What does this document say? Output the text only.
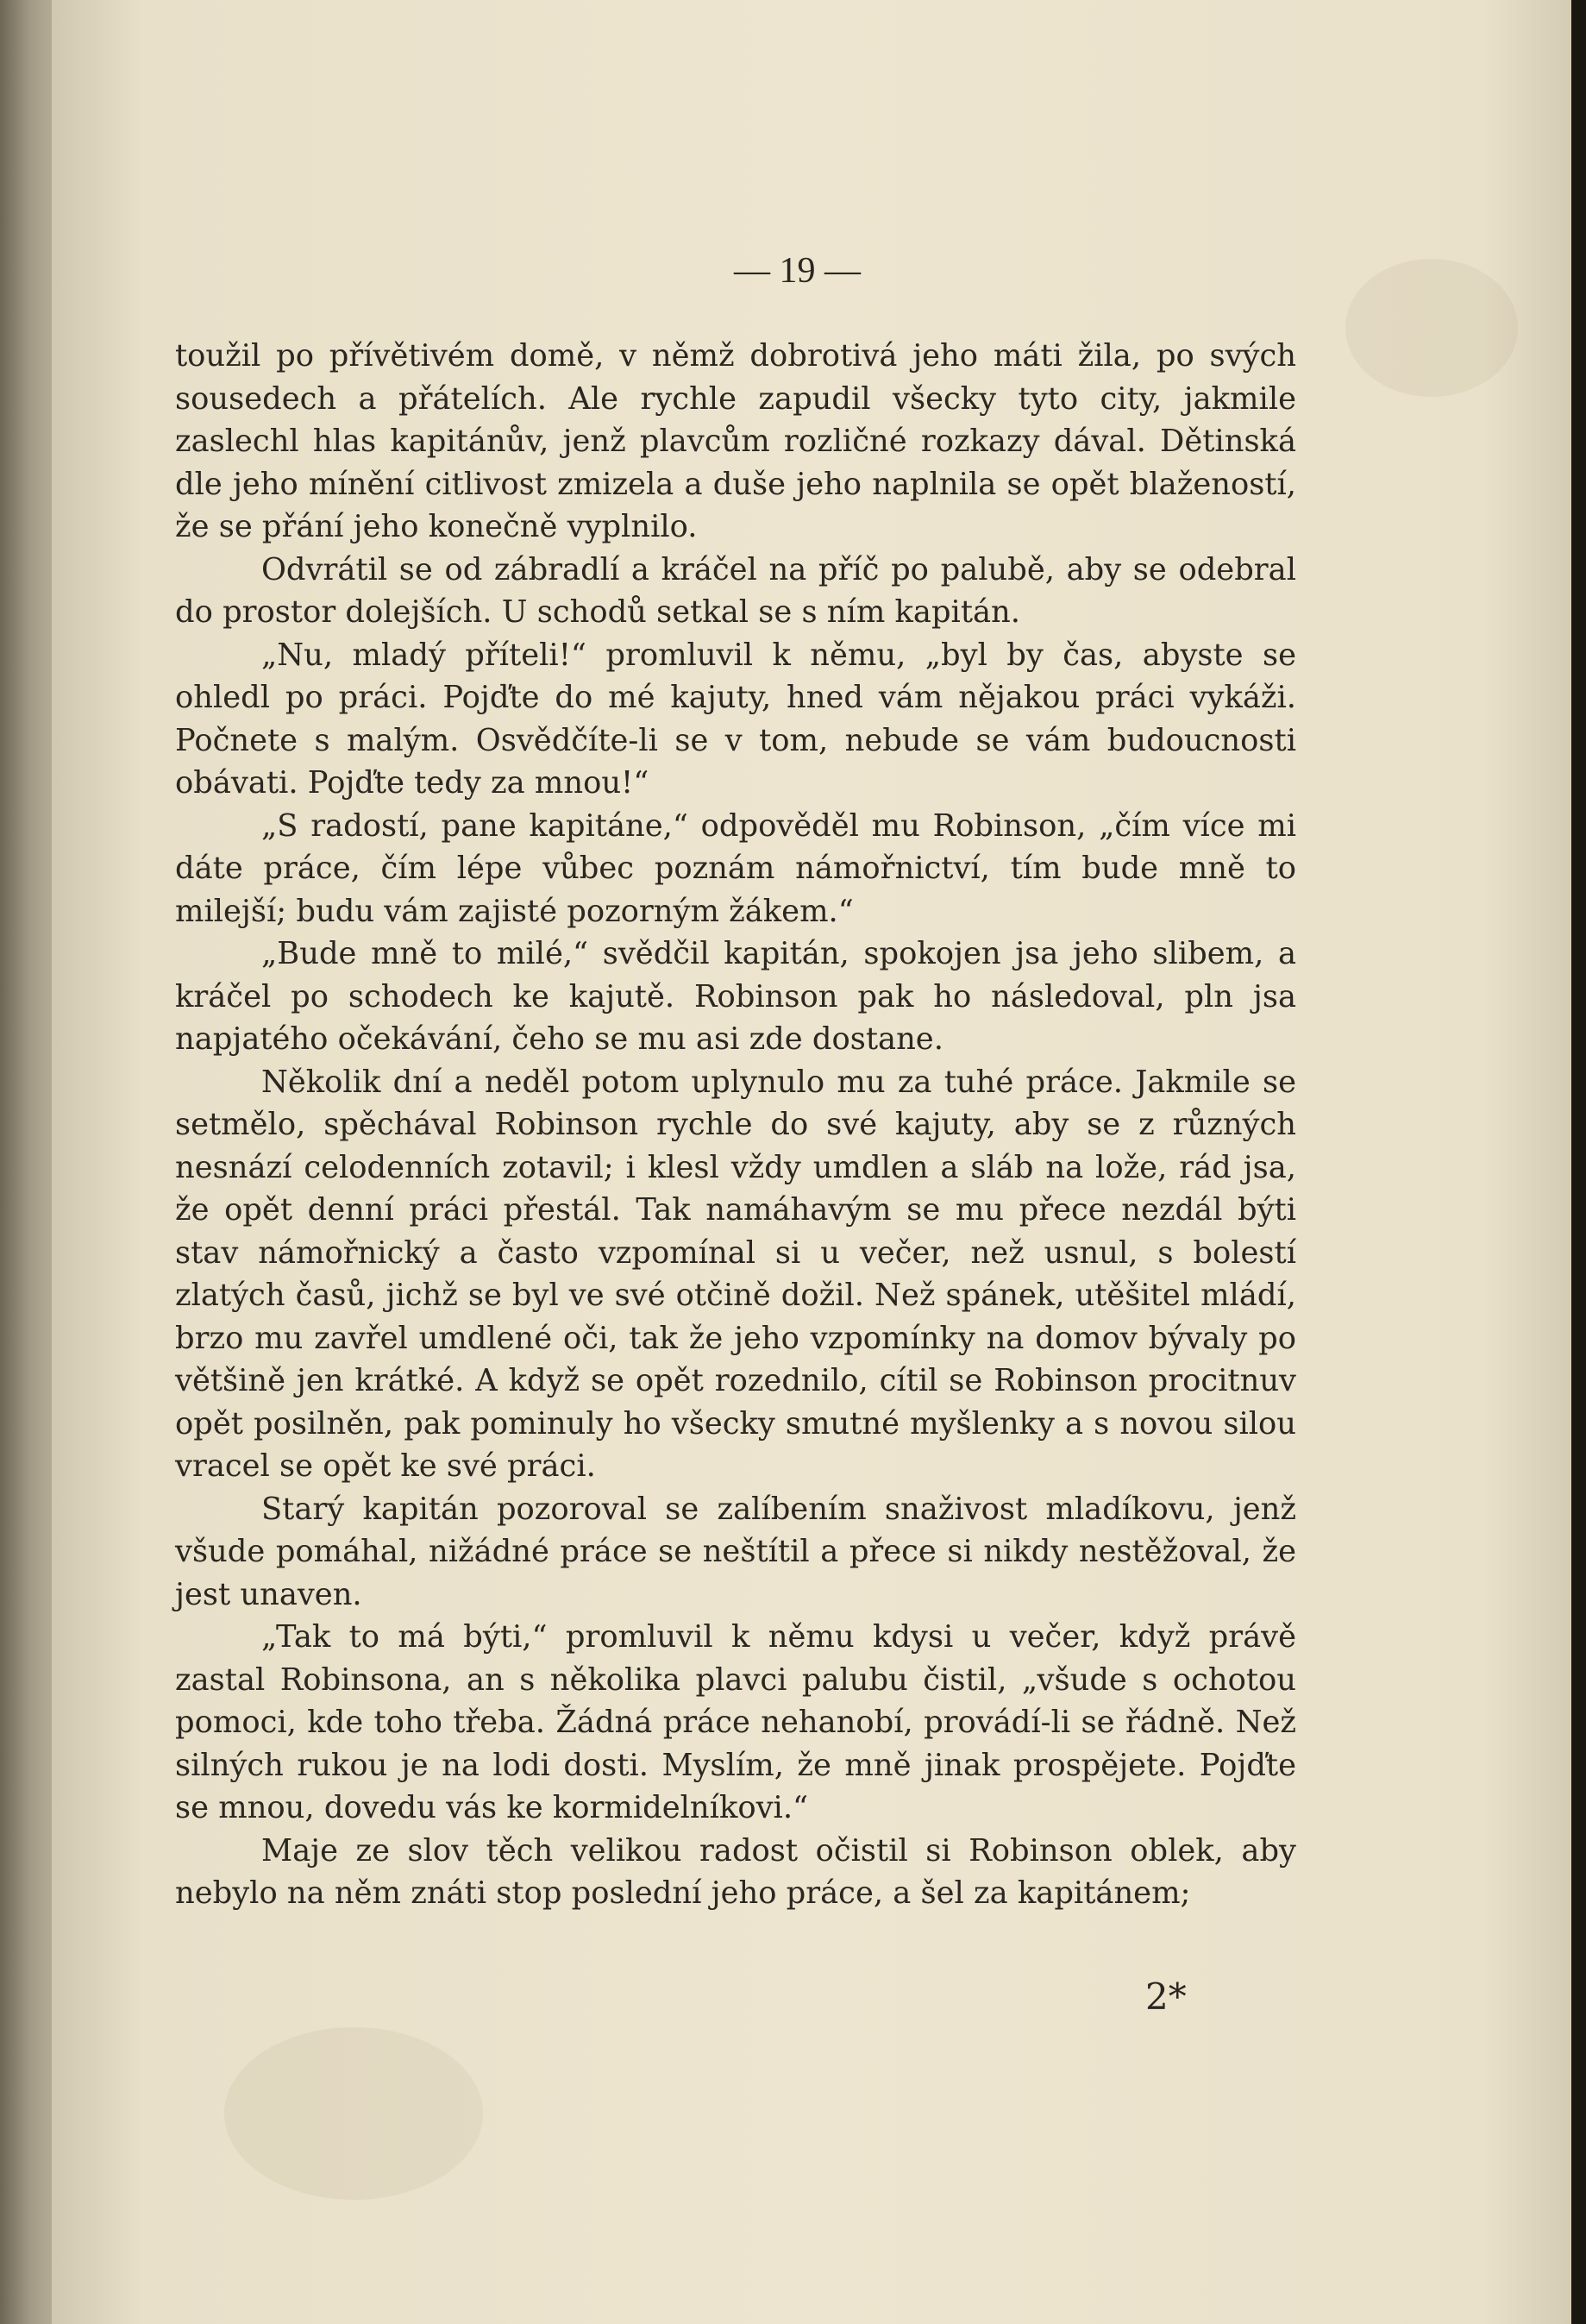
— 19 —

toužil po přívětivém domě, v němž dobrotivá jeho máti žila, po svých sousedech a přátelích. Ale rychle zapudil všecky tyto city, jakmile zaslechl hlas kapitánův, jenž plavcům rozličné rozkazy dával. Dětinská dle jeho mínění citlivost zmizela a duše jeho naplnila se opět blažeností, že se přání jeho konečně vyplnilo.

Odvrátil se od zábradlí a kráčel na příč po palubě, aby se odebral do prostor dolejších. U schodů setkal se s ním kapitán.

„Nu, mladý příteli!“ promluvil k němu, „byl by čas, abyste se ohledl po práci. Pojďte do mé kajuty, hned vám nějakou práci vykáži. Počnete s malým. Osvědčíte-li se v tom, nebude se vám budoucnosti obávati. Pojďte tedy za mnou!“

„S radostí, pane kapitáne,“ odpověděl mu Robinson, „čím více mi dáte práce, čím lépe vůbec poznám námořnictví, tím bude mně to milejší; budu vám zajisté pozorným žákem.“

„Bude mně to milé,“ svědčil kapitán, spokojen jsa jeho slibem, a kráčel po schodech ke kajutě. Robinson pak ho následoval, pln jsa napjatého očekávání, čeho se mu asi zde dostane.

Několik dní a neděl potom uplynulo mu za tuhé práce. Jakmile se setmělo, spěchával Robinson rychle do své kajuty, aby se z různých nesnází celodenních zotavil; i klesl vždy umdlen a sláb na lože, rád jsa, že opět denní práci přestál. Tak namáhavým se mu přece nezdál býti stav námořnický a často vzpomínal si u večer, než usnul, s bolestí zlatých časů, jichž se byl ve své otčině dožil. Než spánek, utěšitel mládí, brzo mu zavřel umdlené oči, tak že jeho vzpomínky na domov bývaly po většině jen krátké. A když se opět rozednilo, cítil se Robinson procitnuv opět posilněn, pak pominuly ho všecky smutné myšlenky a s novou silou vracel se opět ke své práci.

Starý kapitán pozoroval se zalíbením snaživost mladíkovu, jenž všude pomáhal, nižádné práce se neštítil a přece si nikdy nestěžoval, že jest unaven.

„Tak to má býti,“ promluvil k němu kdysi u večer, když právě zastal Robinsona, an s několika plavci palubu čistil, „všude s ochotou pomoci, kde toho třeba. Žádná práce nehanobí, provádí-li se řádně. Než silných rukou je na lodi dosti. Myslím, že mně jinak prospějete. Pojďte se mnou, dovedu vás ke kormidelníkovi.“

Maje ze slov těch velikou radost očistil si Robinson oblek, aby nebylo na něm znáti stop poslední jeho práce, a šel za kapitánem;

2*
